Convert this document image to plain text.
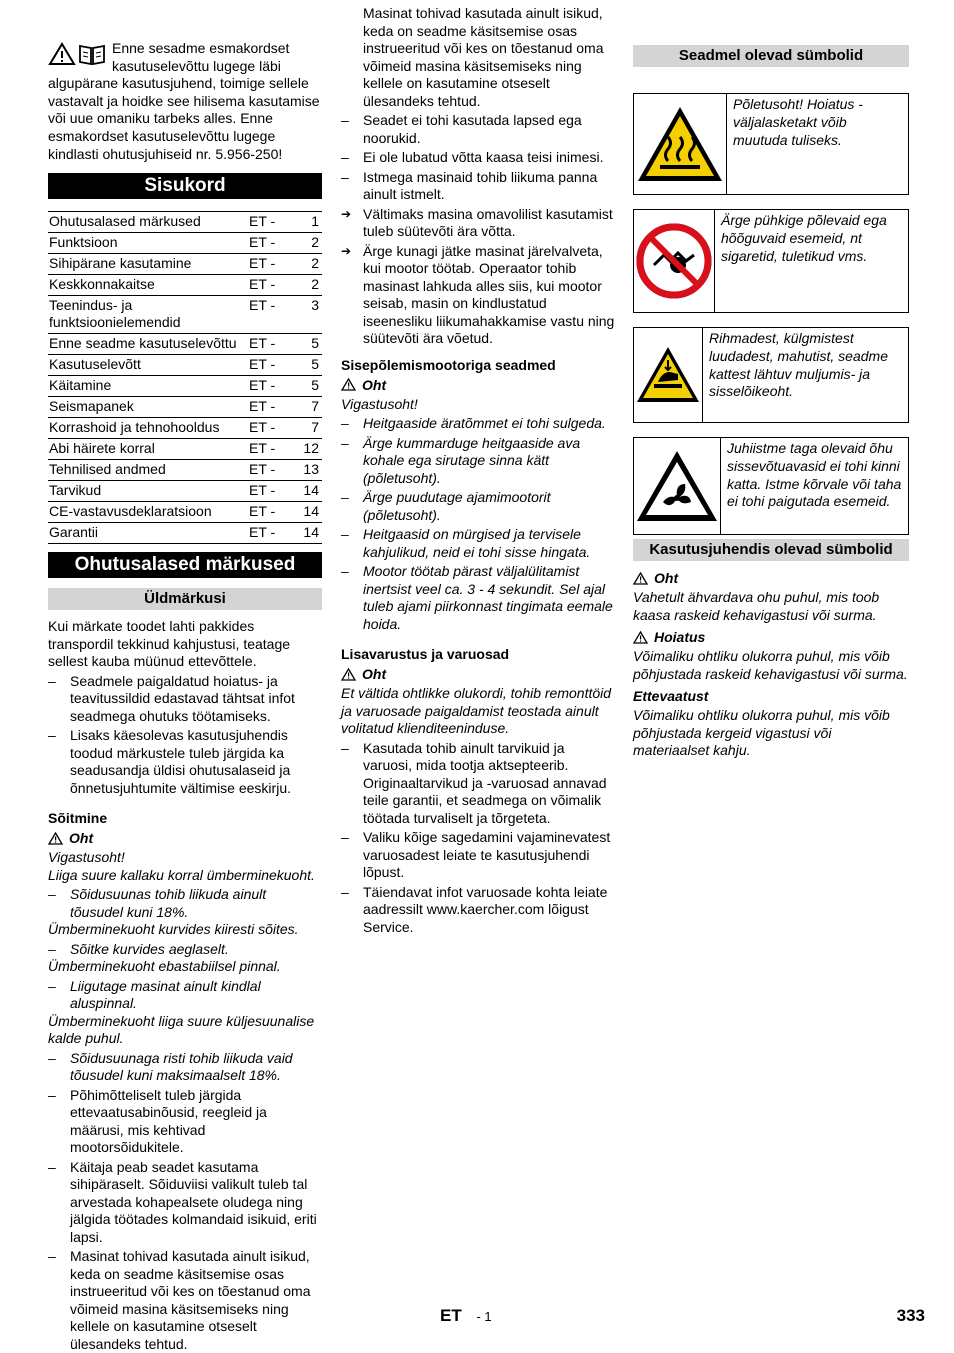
Enne sesadme esmakordset kasutuselevõttu lugege läbi algupärane kasutusjuhend, toimige sellele vastavalt ja hoidke see hilisema kasutamise või uue omaniku tarbeks alles. Enne esmakordset kasutuselevõttu lugege kindlasti ohutusjuhiseid nr. 5.956-250!
Sisukord
Ohutusalased märkused	ET -	1
Funktsioon	ET -	2
Sihipärane kasutamine	ET -	2
Keskkonnakaitse	ET -	2
Teenindus- ja funktsioonielemendid	ET -	3
Enne seadme kasutuselevõttu	ET -	5
Kasutuselevõtt	ET -	5
Käitamine	ET -	5
Seismapanek	ET -	7
Korrashoid ja tehnohooldus	ET -	7
Abi häirete korral	ET -	12
Tehnilised andmed	ET -	13
Tarvikud	ET -	14
CE-vastavusdeklaratsioon	ET -	14
Garantii	ET -	14
Ohutusalased märkused
Üldmärkusi

Kui märkate toodet lahti pakkides transpordil tekkinud kahjustusi, teatage sellest kauba müünud ettevõttele.

– Seadmele paigaldatud hoiatus- ja teavitussildid edastavad tähtsat infot seadmega ohutuks töötamiseks.
– Lisaks käesolevas kasutusjuhendis toodud märkustele tuleb järgida ka seadusandja üldisi ohutusalaseid ja õnnetusjuhtumite vältimise eeskirju.
Sõitmine
Oht

Vigastusoht!

Liiga suure kallaku korral ümberminekuoht.

– Sõidusuunas tohib liikuda ainult tõusudel kuni 18%.

Ümberminekuoht kurvides kiiresti sõites.

– Sõitke kurvides aeglaselt.

Ümberminekuoht ebastabiilsel pinnal.

– Liigutage masinat ainult kindlal aluspinnal.

Ümberminekuoht liiga suure küljesuunalise kalde puhul.

– Sõidusuunaga risti tohib liikuda vaid tõusudel kuni maksimaalselt 18%.
– Põhimõtteliselt tuleb järgida ettevaatusabinõusid, reegleid ja määrusi, mis kehtivad mootorsõidukitele.
– Käitaja peab seadet kasutama sihipäraselt. Sõiduviisi valikult tuleb tal arvestada kohapealsete oludega ning jälgida töötades kolmandaid isikuid, eriti lapsi.
– Masinat tohivad kasutada ainult isikud, keda on seadme käsitsemise osas instrueeritud või kes on tõestanud oma võimeid masina käsitsemiseks ning kellele on kasutamine otseselt ülesandeks tehtud.

Masinat tohivad kasutada ainult isikud, keda on seadme käsitsemise osas instrueeritud või kes on tõestanud oma võimeid masina käsitsemiseks ning kellele on kasutamine otseselt ülesandeks tehtud.

– Seadet ei tohi kasutada lapsed ega noorukid.
– Ei ole lubatud võtta kaasa teisi inimesi.
– Istmega masinaid tohib liikuma panna ainult istmelt.
➔ Vältimaks masina omavolilist kasutamist tuleb süütevõti ära võtta.
➔ Ärge kunagi jätke masinat järelvalveta, kui mootor töötab. Operaator tohib masinast lahkuda alles siis, kui mootor seisab, masin on kindlustatud iseenesliku liikumahakkamise vastu ning süütevõti ära võetud.
Sisepõlemismootoriga seadmed
Oht

Vigastusoht!

– Heitgaaside äratõmmet ei tohi sulgeda.
– Ärge kummarduge heitgaaside ava kohale ega sirutage sinna kätt (põletusoht).
– Ärge puudutage ajamimootorit (põletusoht).
– Heitgaasid on mürgised ja tervisele kahjulikud, neid ei tohi sisse hingata.
– Mootor töötab pärast väljalülitamist inertsist veel ca. 3 - 4 sekundit. Sel ajal tuleb ajami piirkonnast tingimata eemale hoida.
Lisavarustus ja varuosad
Oht

Et vältida ohtlikke olukordi, tohib remonttöid ja varuosade paigaldamist teostada ainult volitatud klienditeeninduse.

– Kasutada tohib ainult tarvikuid ja varuosi, mida tootja aktsepteerib. Originaaltarvikud ja -varuosad annavad teile garantii, et seadmega on võimalik töötada turvaliselt ja tõrgeteta.
– Valiku kõige sagedamini vajaminevatest varuosadest leiate te kasutusjuhendi lõpust.
– Täiendavat infot varuosade kohta leiate aadressilt www.kaercher.com lõigust Service.
Seadmel olevad sümbolid
Põletusoht! Hoiatus - väljalasketakt võib muutuda tuliseks.
Ärge pühkige põlevaid ega hõõguvaid esemeid, nt sigaretid, tuletikud vms.
Rihmadest, külgmistest luudadest, mahutist, seadme kattest lähtuv muljumis- ja sisselõikeoht.
Juhiistme taga olevaid õhu sissevõtuavasid ei tohi kinni katta. Istme kõrvale või taha ei tohi paigutada esemeid.
Kasutusjuhendis olevad sümbolid
Oht

Vahetult ähvardava ohu puhul, mis toob kaasa raskeid kehavigastusi või surma.

Hoiatus

Võimaliku ohtliku olukorra puhul, mis võib põhjustada raskeid kehavigastusi või surma.

Ettevaatust

Võimaliku ohtliku olukorra puhul, mis võib põhjustada kergeid vigastusi või materiaalset kahju.

ET - 1	333
